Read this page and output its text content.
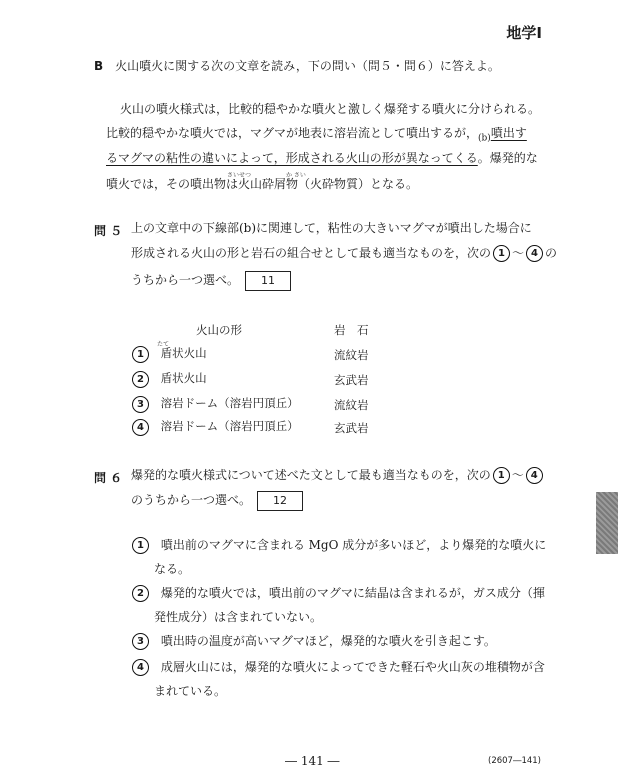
地学Ⅰ
B 火山噴火に関する次の文章を読み，下の問い（問５・問６）に答えよ。
火山の噴火様式は，比較的穏やかな噴火と激しく爆発する噴火に分けられる。
比較的穏やかな噴火では，マグマが地表に溶岩流として噴出するが，$_{(b)}$噴出す
るマグマの粘性の違いによって，形成される火山の形が異なってくる。爆発的な
さいせつ	か さい
噴火では，その噴出物は火山砕屑物（火砕物質）となる。
問 ５ 上の文章中の下線部(b)に関連して，粘性の大きいマグマが噴出した場合に
形成される火山の形と岩石の組合せとして最も適当なものを，次の 1 ～ 4 の
うちから一つ選べ。 11
火山の形	岩　石
たて
1 盾状火山	流紋岩
2 盾状火山	玄武岩
3 溶岩ドーム（溶岩円頂丘）	流紋岩
4 溶岩ドーム（溶岩円頂丘）	玄武岩
問 ６ 爆発的な噴火様式について述べた文として最も適当なものを，次の 1 ～ 4
のうちから一つ選べ。 12
1 噴出前のマグマに含まれる MgO 成分が多いほど，より爆発的な噴火に
なる。
2 爆発的な噴火では，噴出前のマグマに結晶は含まれるが，ガス成分（揮
発性成分）は含まれていない。
3 噴出時の温度が高いマグマほど，爆発的な噴火を引き起こす。
4 成層火山には，爆発的な噴火によってできた軽石や火山灰の堆積物が含
まれている。
― 141 ―	(2607―141)
